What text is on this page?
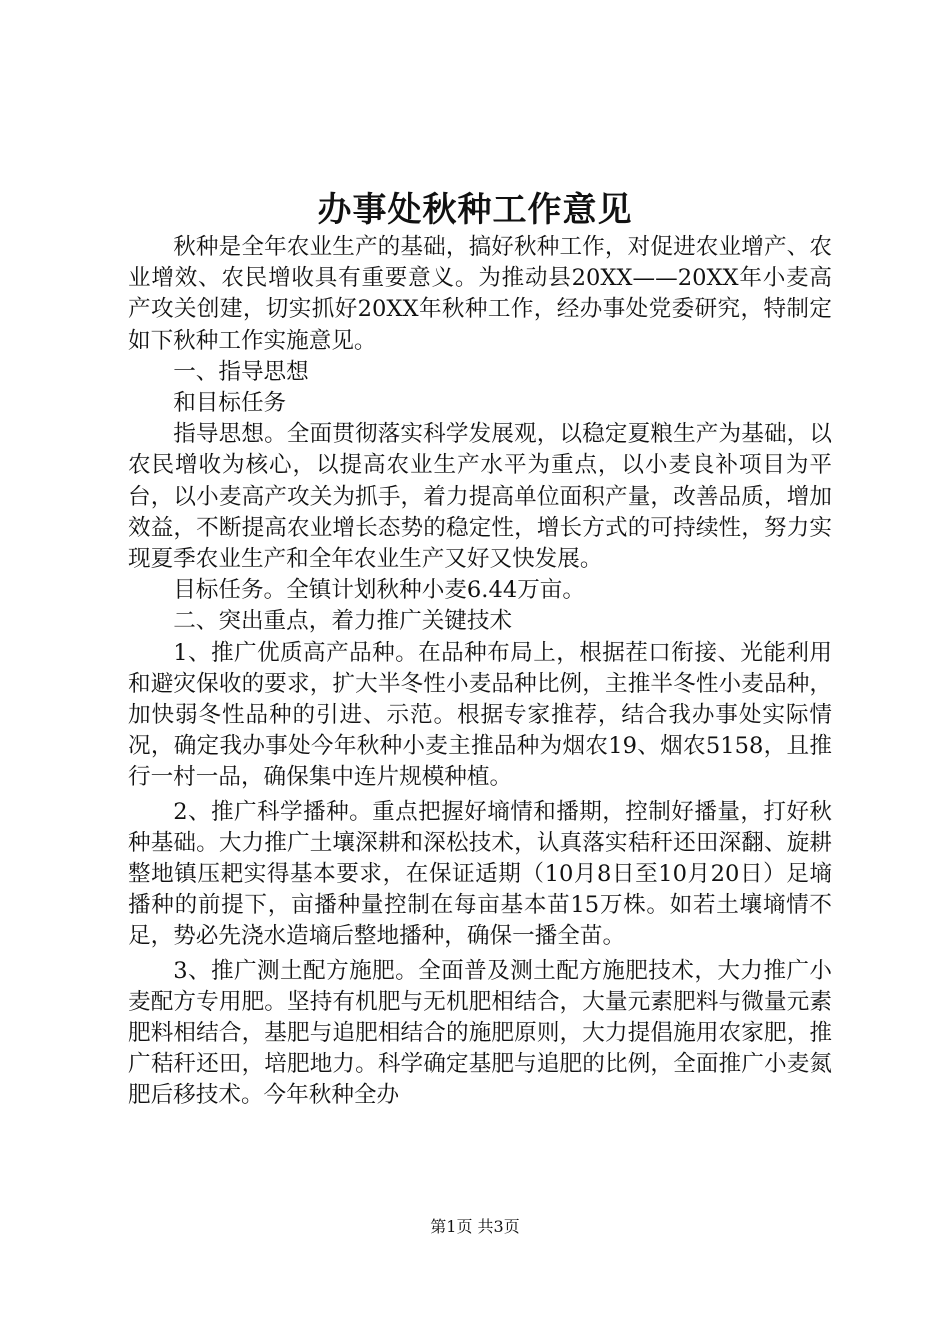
办事处秋种工作意见

秋种是全年农业生产的基础，搞好秋种工作，对促进农业增产、农业增效、农民增收具有重要意义。为推动县20XX——20XX年小麦高产攻关创建，切实抓好20XX年秋种工作，经办事处党委研究，特制定如下秋种工作实施意见。

一、指导思想

和目标任务

指导思想。全面贯彻落实科学发展观，以稳定夏粮生产为基础，以农民增收为核心，以提高农业生产水平为重点，以小麦良补项目为平台，以小麦高产攻关为抓手，着力提高单位面积产量，改善品质，增加效益，不断提高农业增长态势的稳定性，增长方式的可持续性，努力实现夏季农业生产和全年农业生产又好又快发展。

目标任务。全镇计划秋种小麦6.44万亩。

二、突出重点，着力推广关键技术

1、推广优质高产品种。在品种布局上，根据茬口衔接、光能利用和避灾保收的要求，扩大半冬性小麦品种比例，主推半冬性小麦品种，加快弱冬性品种的引进、示范。根据专家推荐，结合我办事处实际情况，确定我办事处今年秋种小麦主推品种为烟农19、烟农5158，且推行一村一品，确保集中连片规模种植。

2、推广科学播种。重点把握好墒情和播期，控制好播量，打好秋种基础。大力推广土壤深耕和深松技术，认真落实秸秆还田深翻、旋耕整地镇压耙实得基本要求，在保证适期（10月8日至10月20日）足墒播种的前提下，亩播种量控制在每亩基本苗15万株。如若土壤墒情不足，势必先浇水造墒后整地播种，确保一播全苗。

3、推广测土配方施肥。全面普及测土配方施肥技术，大力推广小麦配方专用肥。坚持有机肥与无机肥相结合，大量元素肥料与微量元素肥料相结合，基肥与追肥相结合的施肥原则，大力提倡施用农家肥，推广秸秆还田，培肥地力。科学确定基肥与追肥的比例，全面推广小麦氮肥后移技术。今年秋种全办

第1页 共3页
